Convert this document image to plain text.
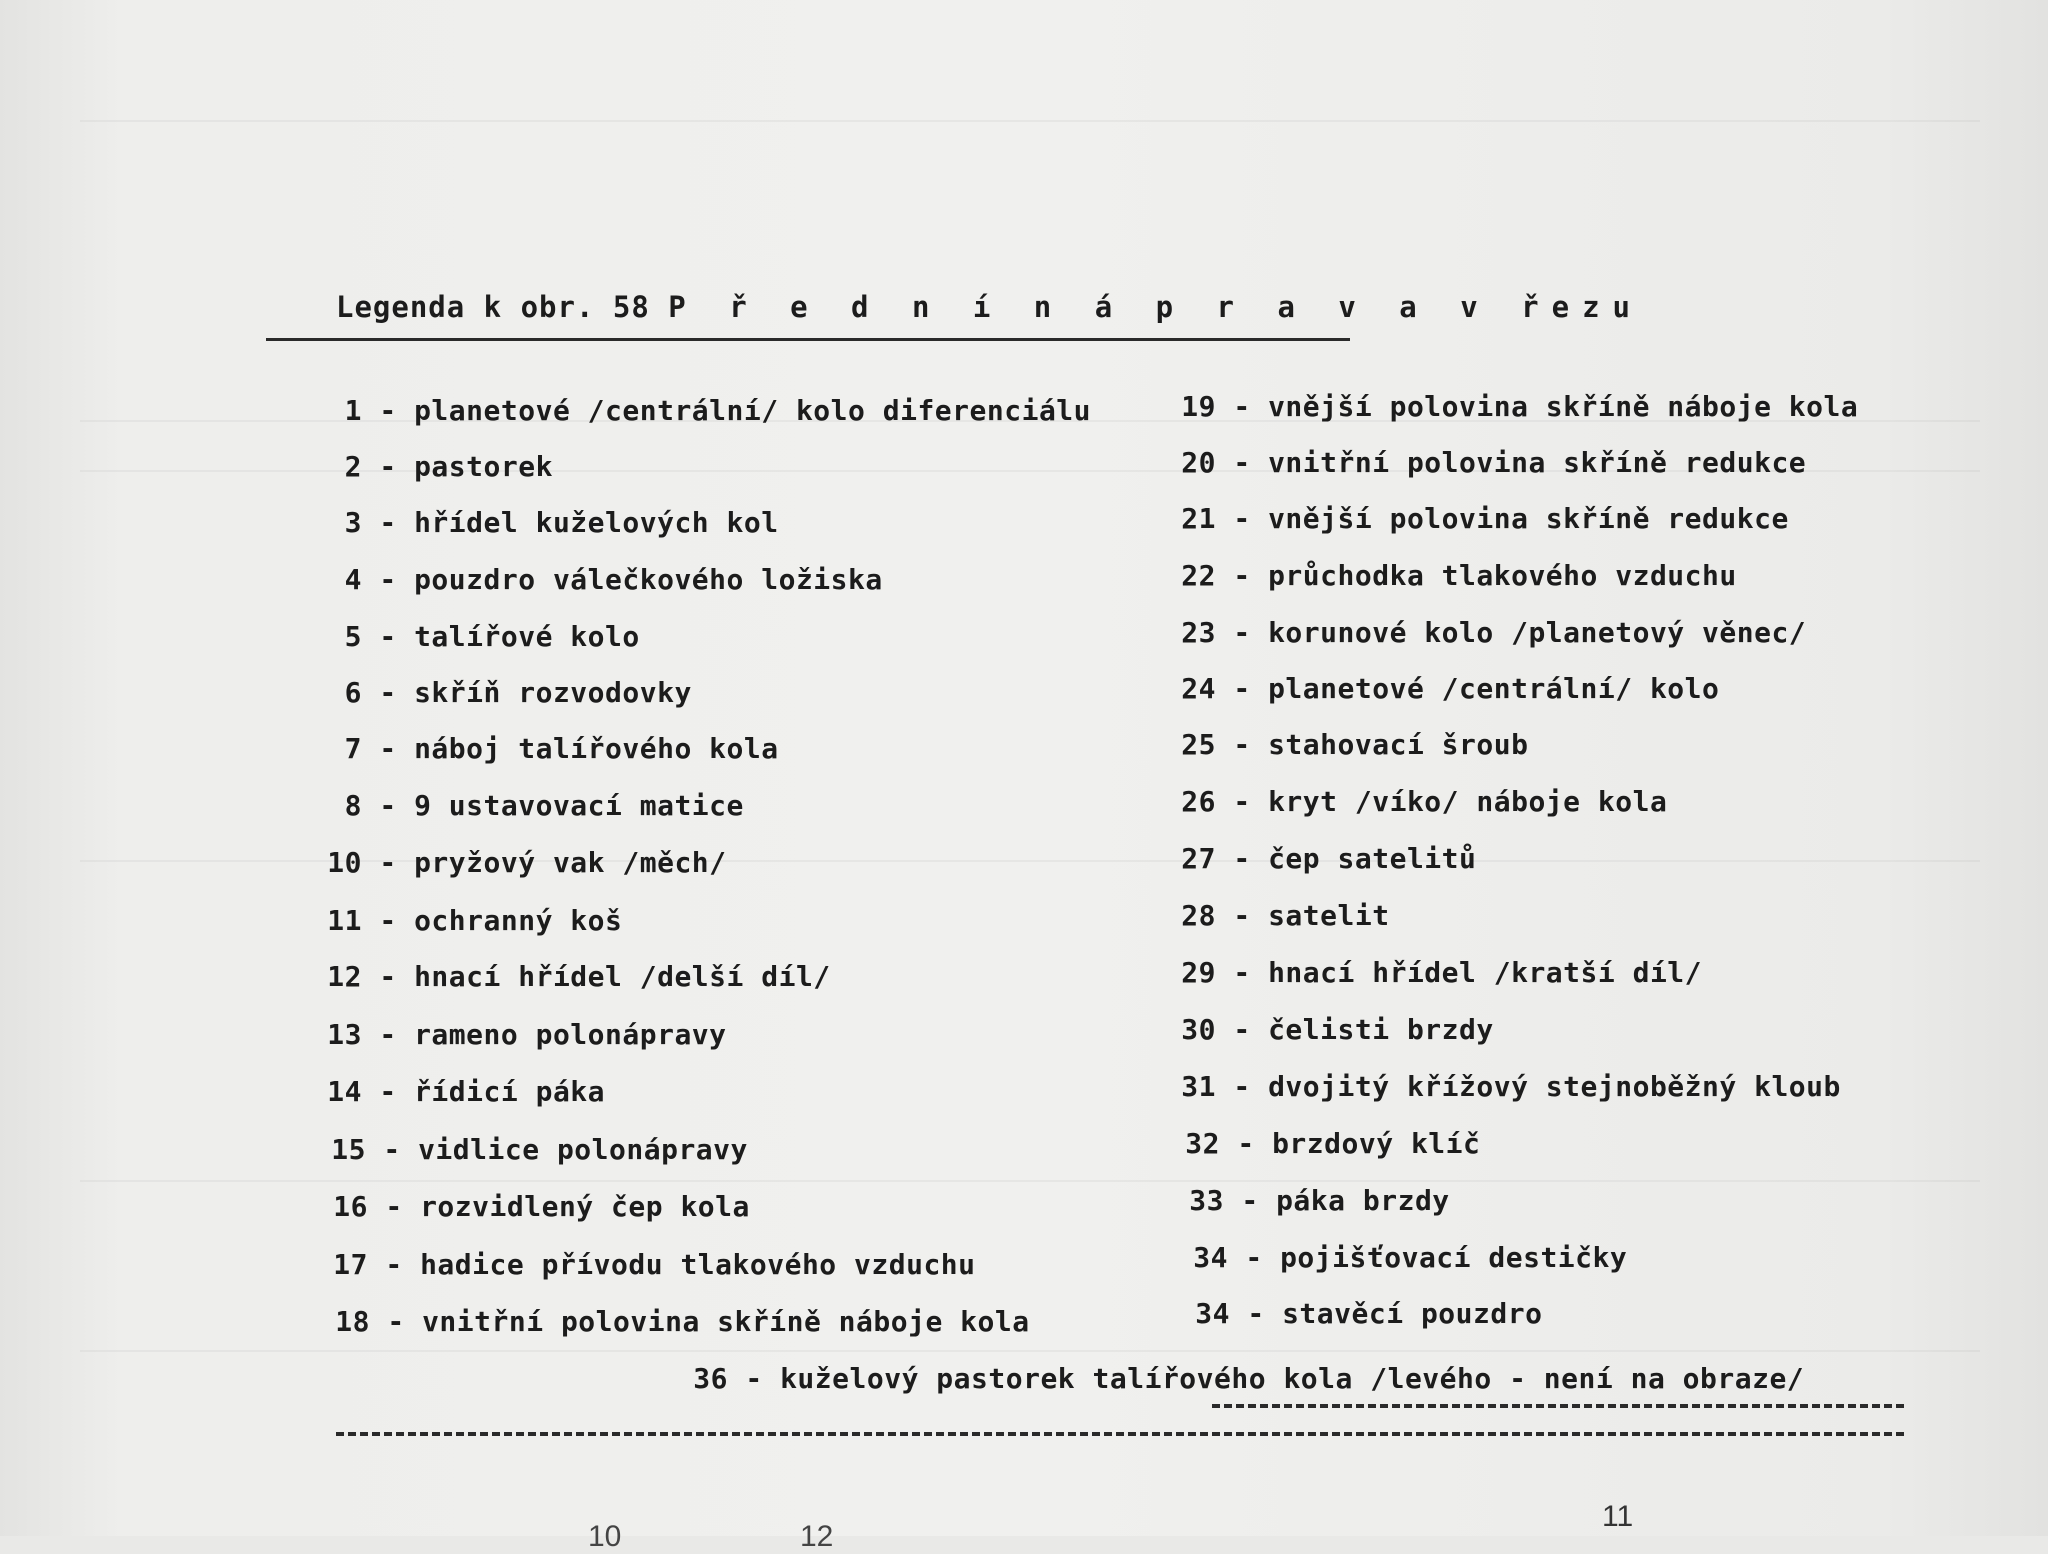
Legenda k obr. 58 P ř e d n í n á p r a v a v řezu
1 - planetové /centrální/ kolo diferenciálu
2 - pastorek
3 - hřídel kuželových kol
4 - pouzdro válečkového ložiska
5 - talířové kolo
6 - skříň rozvodovky
7 - náboj talířového kola
8 - 9 ustavovací matice
10 - pryžový vak /měch/
11 - ochranný koš
12 - hnací hřídel /delší díl/
13 - rameno polonápravy
14 - řídicí páka
15 - vidlice polonápravy
16 - rozvidlený čep kola
17 - hadice přívodu tlakového vzduchu
18 - vnitřní polovina skříně náboje kola
19 - vnější polovina skříně náboje kola
20 - vnitřní polovina skříně redukce
21 - vnější polovina skříně redukce
22 - průchodka tlakového vzduchu
23 - korunové kolo /planetový věnec/
24 - planetové /centrální/ kolo
25 - stahovací šroub
26 - kryt /víko/ náboje kola
27 - čep satelitů
28 - satelit
29 - hnací hřídel /kratší díl/
30 - čelisti brzdy
31 - dvojitý křížový stejnoběžný kloub
32 - brzdový klíč
33 - páka brzdy
34 - pojišťovací destičky
34 - stavěcí pouzdro
36 - kuželový pastorek talířového kola /levého - není na obraze/
10	12
11
